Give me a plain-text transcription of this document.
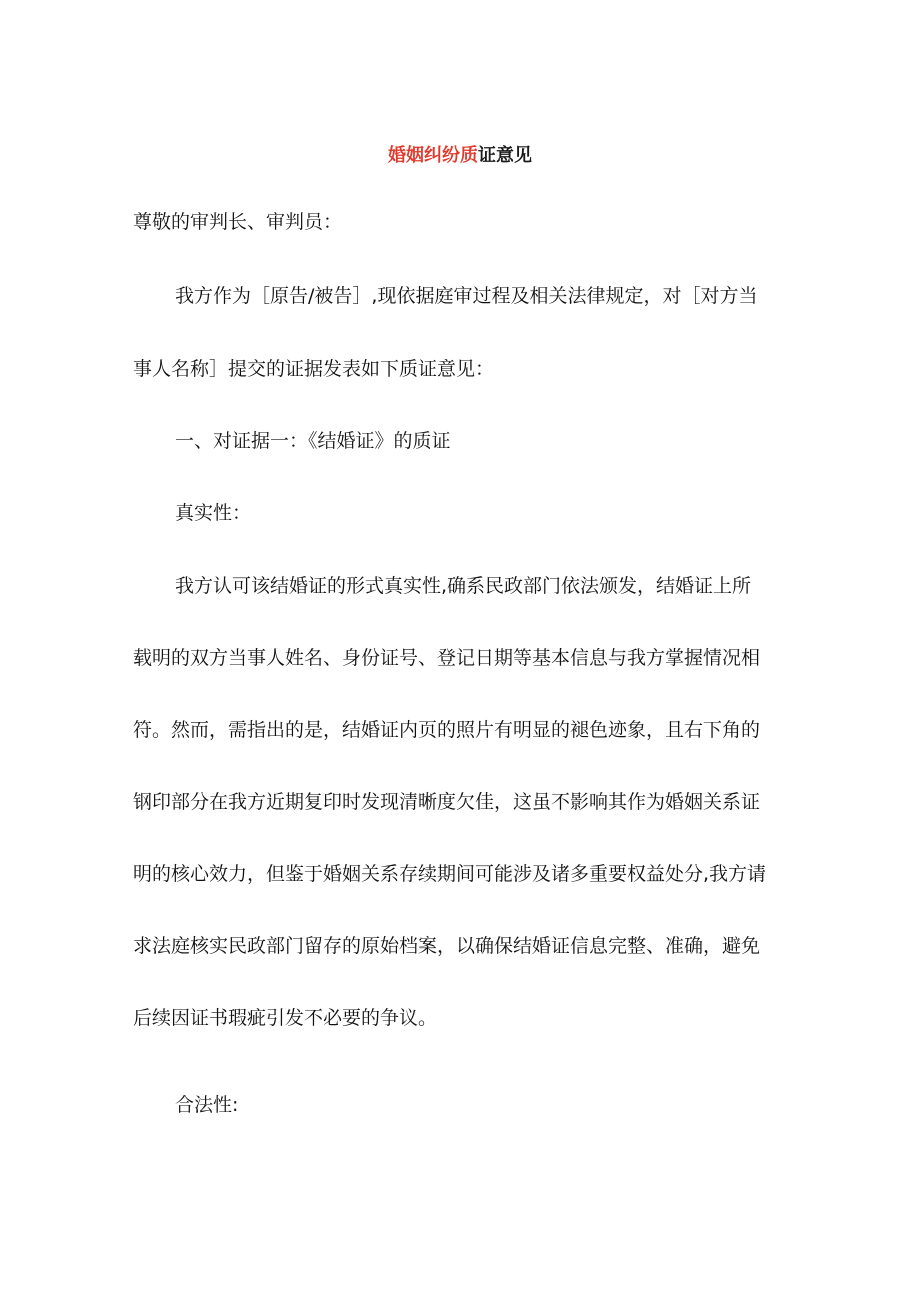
婚姻纠纷质证意见
尊敬的审判长、审判员：
我方作为［原告/被告］,现依据庭审过程及相关法律规定，对［对方当
事人名称］提交的证据发表如下质证意见：
一、对证据一：《结婚证》的质证
真实性：
我方认可该结婚证的形式真实性,确系民政部门依法颁发，结婚证上所
载明的双方当事人姓名、身份证号、登记日期等基本信息与我方掌握情况相
符。然而，需指出的是，结婚证内页的照片有明显的褪色迹象，且右下角的
钢印部分在我方近期复印时发现清晰度欠佳，这虽不影响其作为婚姻关系证
明的核心效力，但鉴于婚姻关系存续期间可能涉及诸多重要权益处分,我方请
求法庭核实民政部门留存的原始档案，以确保结婚证信息完整、准确，避免
后续因证书瑕疵引发不必要的争议。
合法性:
